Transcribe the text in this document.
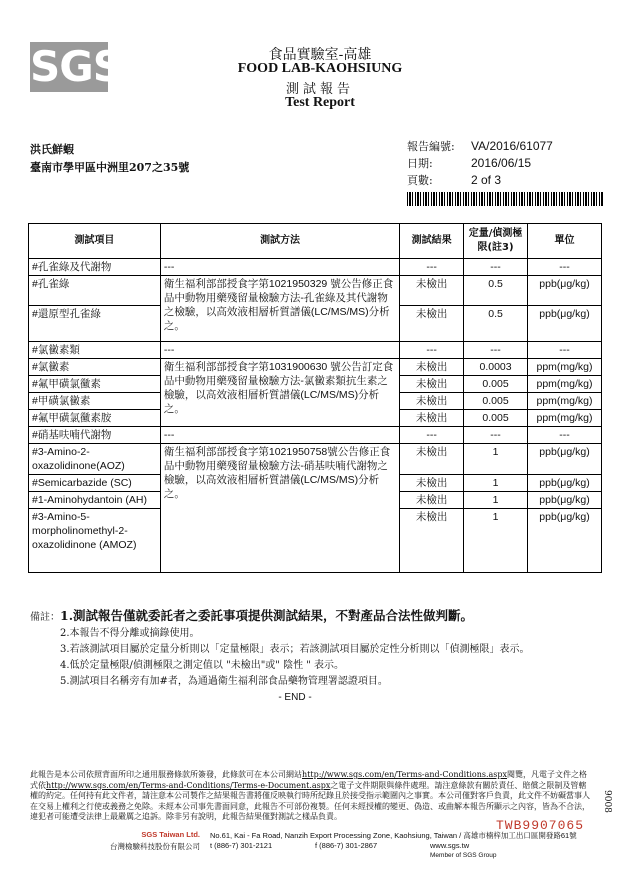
SGS	食品實驗室-高雄
FOOD LAB-KAOHSIUNG
測試報告
Test Report
洪氏鮮蝦
臺南市學甲區中洲里207之35號
報告編號: VA/2016/61077
日期:	2016/06/15
頁數:	2 of 3
測試項目	測試方法	測試結果	定量/偵測極限(註3)	單位
#孔雀綠及代謝物	---	---	---	---
#孔雀綠	衛生福利部部授食字第1021950329 號公告修正食品中動物用藥殘留量檢驗方法-孔雀綠及其代謝物之檢驗，以高效液相層析質譜儀(LC/MS/MS)分析之。	未檢出	0.5	ppb(μg/kg)
#還原型孔雀綠		未檢出	0.5	ppb(μg/kg)
#氯黴素類	---	---	---	---
#氯黴素	衛生福利部部授食字第1031900630 號公告訂定食品中動物用藥殘留量檢驗方法-氯黴素類抗生素之檢驗，以高效液相層析質譜儀(LC/MS/MS)分析之。	未檢出	0.0003	ppm(mg/kg)
#氟甲磺氯黴素		未檢出	0.005	ppm(mg/kg)
#甲磺氯黴素		未檢出	0.005	ppm(mg/kg)
#氟甲磺氯黴素胺		未檢出	0.005	ppm(mg/kg)
#硝基呋喃代謝物	---	---	---	---
#3-Amino-2-oxazolidinone(AOZ)	衛生福利部部授食字第1021950758號公告修正食品中動物用藥殘留量檢驗方法-硝基呋喃代謝物之檢驗，以高效液相層析質譜儀(LC/MS/MS)分析之。	未檢出	1	ppb(μg/kg)
#Semicarbazide (SC)		未檢出	1	ppb(μg/kg)
#1-Aminohydantoin (AH)		未檢出	1	ppb(μg/kg)
#3-Amino-5-morpholinomethyl-2-oxazolidinone (AMOZ)		未檢出	1	ppb(μg/kg)
備註：1.測試報告僅就委託者之委託事項提供測試結果，不對產品合法性做判斷。
2.本報告不得分離或摘錄使用。
3.若該測試項目屬於定量分析則以「定量極限」表示；若該測試項目屬於定性分析則以「偵測極限」表示。
4.低於定量極限/偵測極限之測定值以 "未檢出"或" 陰性 " 表示。
5.測試項目名稱旁有加#者，為通過衛生福利部食品藥物管理署認證項目。
- END -
此報告是本公司依照背面所印之通用服務條款所簽發，此條款可在本公司網站http://www.sgs.com/en/Terms-and-Conditions.aspx閱覽，凡電子文件之格式依http://www.sgs.com/en/Terms-and-Conditions/Terms-e-Document.aspx之電子文件期限與條件處理。請注意條款有關於責任、賠償之限制及管轄權的約定。任何持有此文件者，請注意本公司製作之結果報告書將僅反映執行時所紀錄且於接受指示範圍內之事實。本公司僅對客戶負責，此文件不妨礙當事人在交易上權利之行使或義務之免除。未經本公司事先書面同意，此報告不可部份複製。任何未經授權的變更、偽造、或曲解本報告所顯示之內容，皆為不合法，違犯者可能遭受法律上最嚴厲之追訴。除非另有說明，此報告結果僅對測試之樣品負責。
TWB9907065
9008
SGS Taiwan Ltd.
台灣檢驗科技股份有限公司
No.61, Kai - Fa Road, Nanzih Export Processing Zone, Kaohsiung, Taiwan / 高雄市楠梓加工出口區開發路61號
t (886-7) 301-2121	f (886-7) 301-2867	www.sgs.tw
Member of SGS Group
